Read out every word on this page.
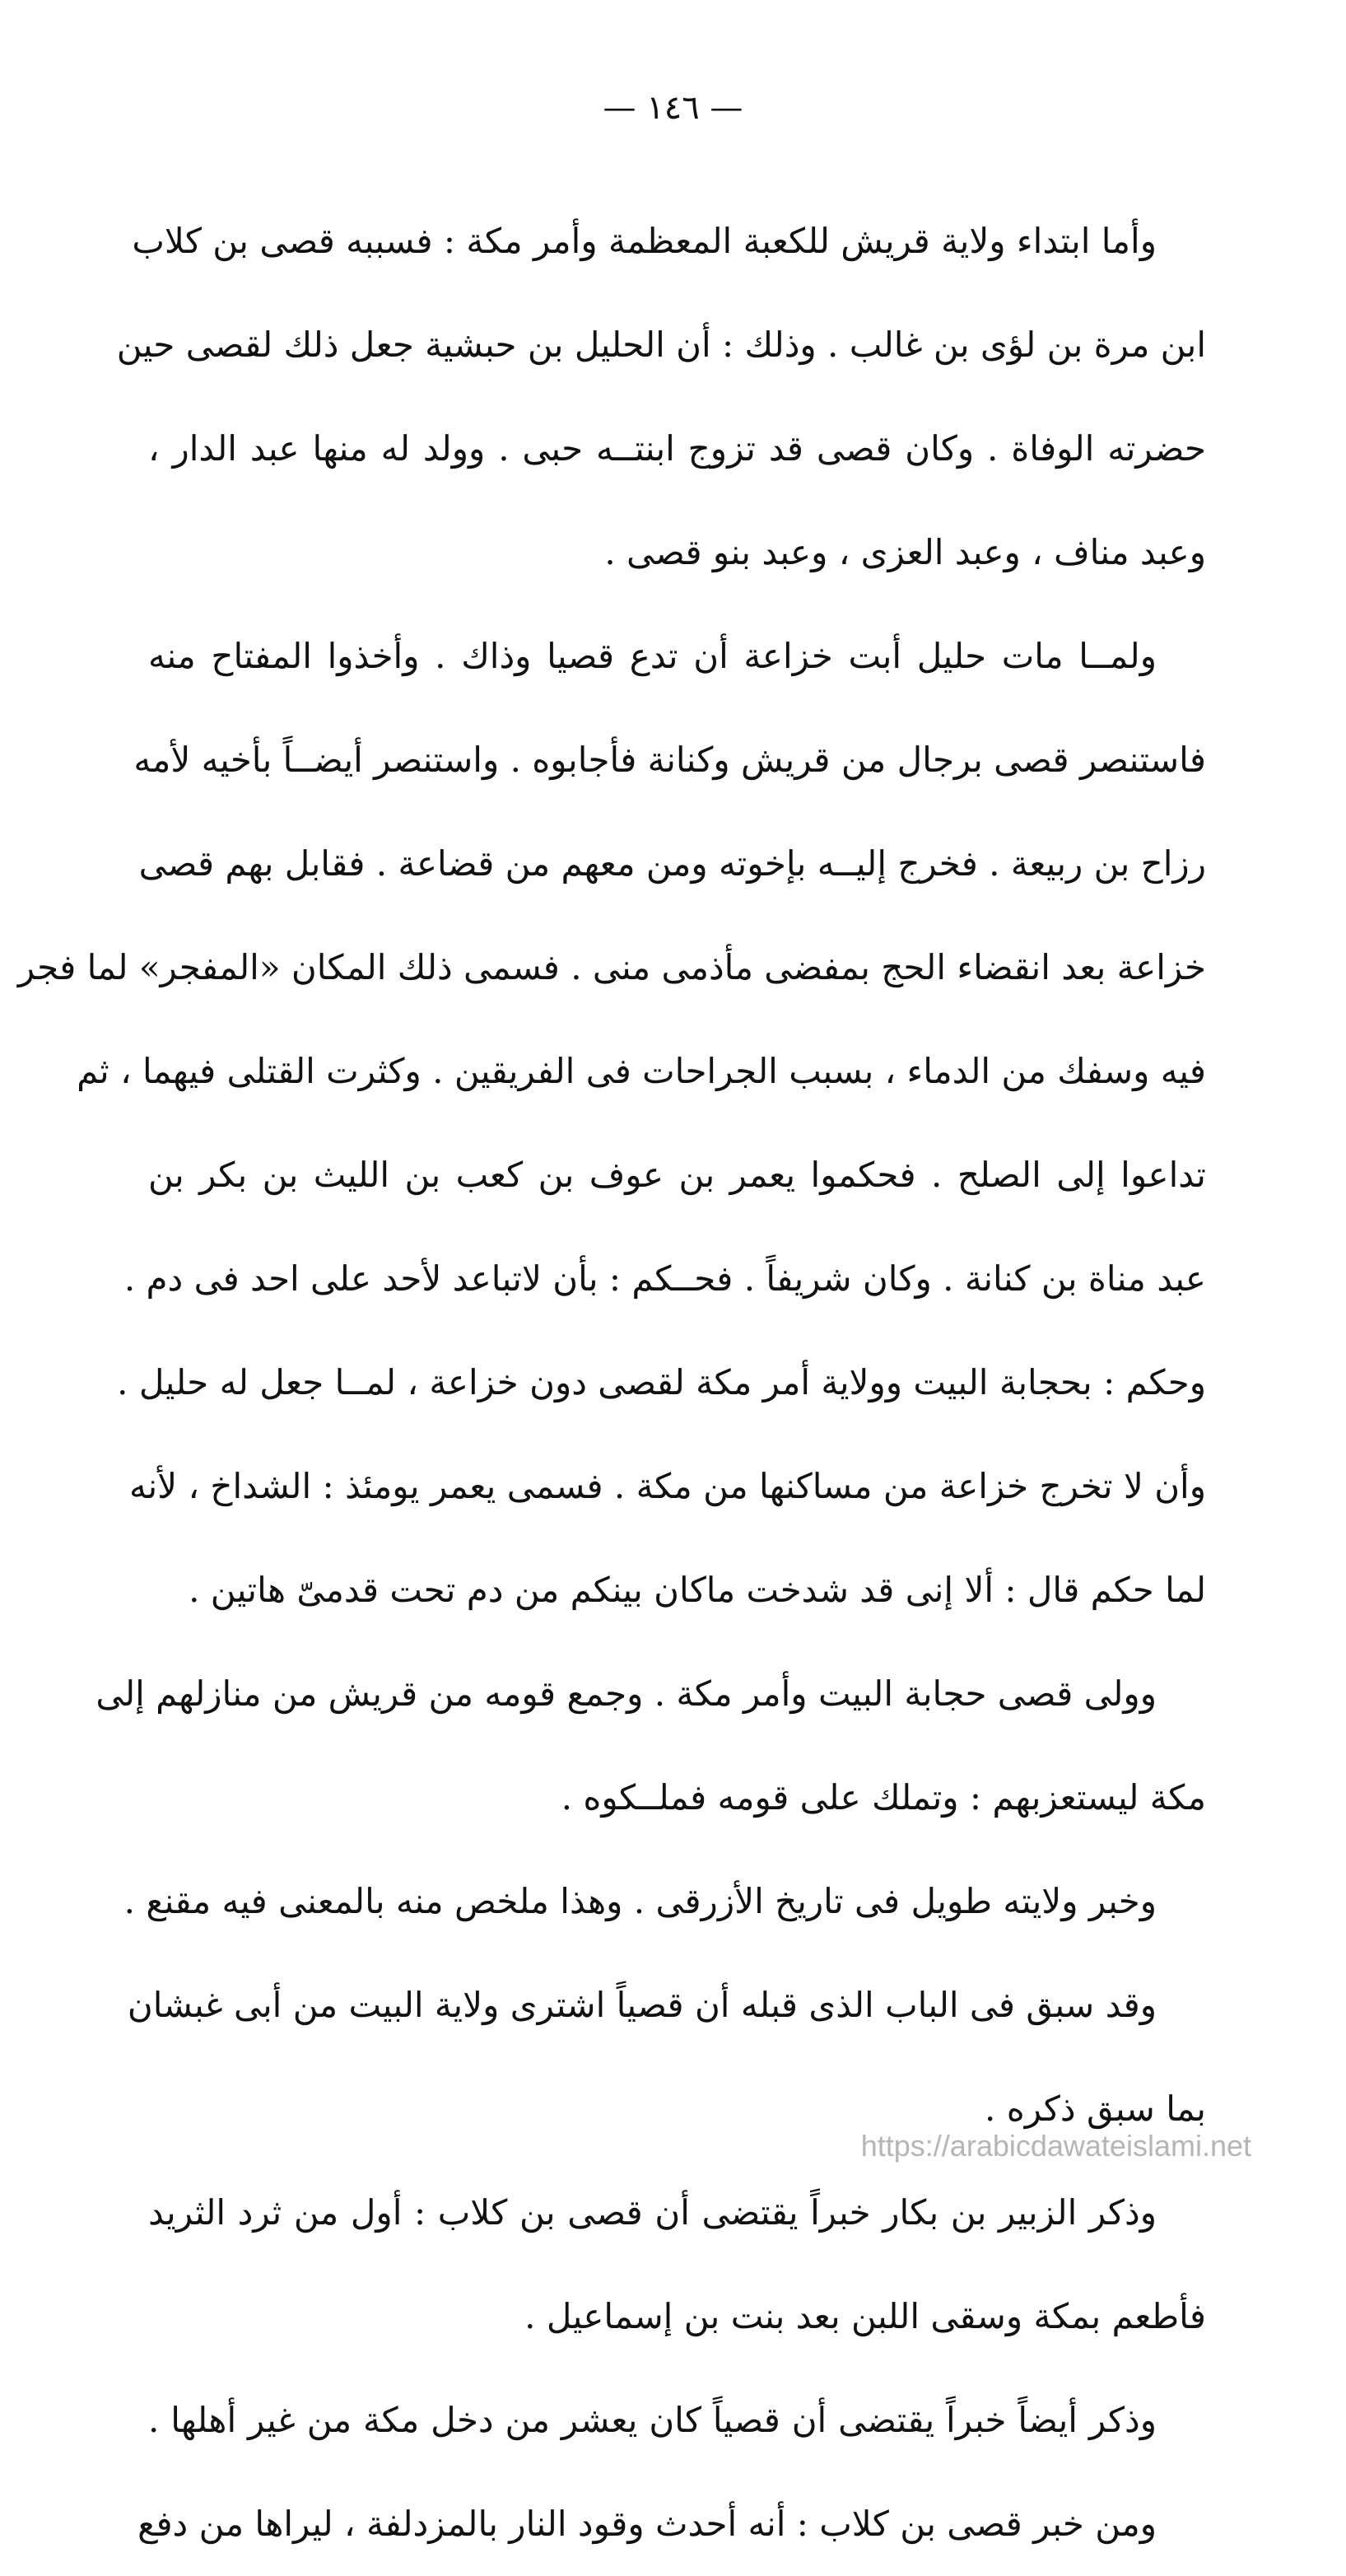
— ١٤٦ —
وأما ابتداء ولاية قريش للكعبة المعظمة وأمر مكة : فسببه قصى بن كلاب
ابن مرة بن لؤى بن غالب . وذلك : أن الحليل بن حبشية جعل ذلك لقصى حين
حضرته الوفاة . وكان قصى قد تزوج ابنتــه حبى . وولد له منها عبد الدار ،
وعبد مناف ، وعبد العزى ، وعبد بنو قصى .
ولمــا مات حليل أبت خزاعة أن تدع قصيا وذاك . وأخذوا المفتاح منه
فاستنصر قصى برجال من قريش وكنانة فأجابوه . واستنصر أيضــاً بأخيه لأمه
رزاح بن ربيعة . فخرج إليــه بإخوته ومن معهم من قضاعة . فقابل بهم قصى
خزاعة بعد انقضاء الحج بمفضى مأذمى منى . فسمى ذلك المكان «المفجر» لما فجر
فيه وسفك من الدماء ، بسبب الجراحات فى الفريقين . وكثرت القتلى فيهما ، ثم
تداعوا إلى الصلح . فحكموا يعمر بن عوف بن كعب بن الليث بن بكر بن
عبد مناة بن كنانة . وكان شريفاً . فحــكم : بأن لاتباعد لأحد على احد فى دم .
وحكم : بحجابة البيت وولاية أمر مكة لقصى دون خزاعة ، لمــا جعل له حليل .
وأن لا تخرج خزاعة من مساكنها من مكة . فسمى يعمر يومئذ : الشداخ ، لأنه
لما حكم قال : ألا إنى قد شدخت ماكان بينكم من دم تحت قدمىّ هاتين .
وولى قصى حجابة البيت وأمر مكة . وجمع قومه من قريش من منازلهم إلى
مكة ليستعزبهم : وتملك على قومه فملــكوه .
وخبر ولايته طويل فى تاريخ الأزرقى . وهذا ملخص منه بالمعنى فيه مقنع .
وقد سبق فى الباب الذى قبله أن قصياً اشترى ولاية البيت من أبى غبشان
بما سبق ذكره .
وذكر الزبير بن بكار خبراً يقتضى أن قصى بن كلاب : أول من ثرد الثريد
فأطعم بمكة وسقى اللبن بعد بنت بن إسماعيل .
وذكر أيضاً خبراً يقتضى أن قصياً كان يعشر من دخل مكة من غير أهلها .
ومن خبر قصى بن كلاب : أنه أحدث وقود النار بالمزدلفة ، ليراها من دفع
https://arabicdawateislami.net
